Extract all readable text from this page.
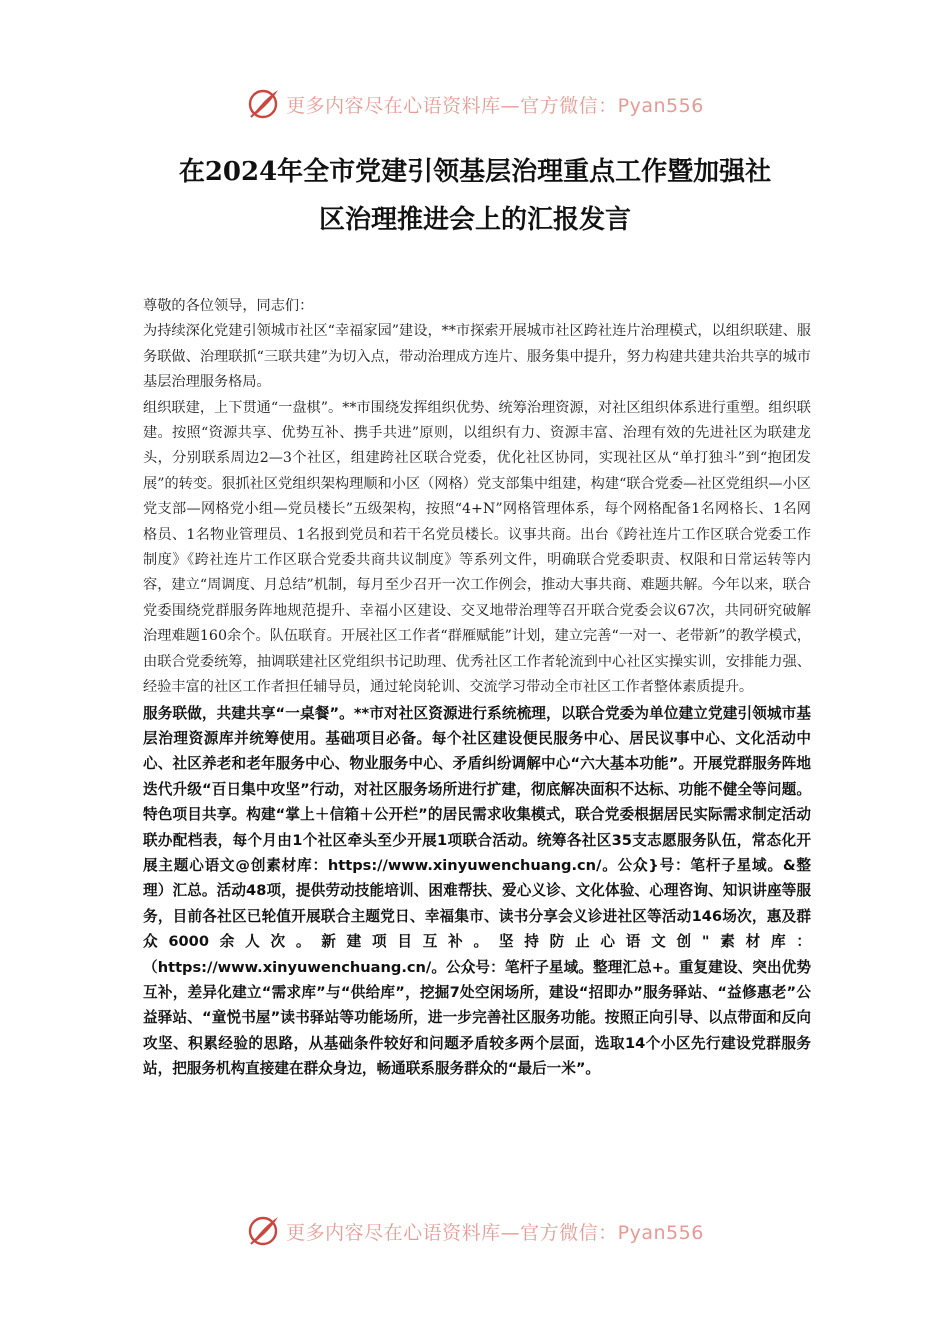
更多内容尽在心语资料库—官方微信：Pyan556
在2024年全市党建引领基层治理重点工作暨加强社
区治理推进会上的汇报发言

尊敬的各位领导，同志们：

为持续深化党建引领城市社区“幸福家园”建设，**市探索开展城市社区跨社连片治理模式，以组织联建、服务联做、治理联抓“三联共建”为切入点，带动治理成方连片、服务集中提升，努力构建共建共治共享的城市基层治理服务格局。

组织联建，上下贯通“一盘棋”。**市围绕发挥组织优势、统筹治理资源，对社区组织体系进行重塑。组织联建。按照“资源共享、优势互补、携手共进”原则，以组织有力、资源丰富、治理有效的先进社区为联建龙头，分别联系周边2—3个社区，组建跨社区联合党委，优化社区协同，实现社区从“单打独斗”到“抱团发展”的转变。狠抓社区党组织架构理顺和小区（网格）党支部集中组建，构建“联合党委—社区党组织—小区党支部—网格党小组—党员楼长”五级架构，按照“4+N”网格管理体系，每个网格配备1名网格长、1名网格员、1名物业管理员、1名报到党员和若干名党员楼长。议事共商。出台《跨社连片工作区联合党委工作制度》《跨社连片工作区联合党委共商共议制度》等系列文件，明确联合党委职责、权限和日常运转等内容，建立“周调度、月总结”机制，每月至少召开一次工作例会，推动大事共商、难题共解。今年以来，联合党委围绕党群服务阵地规范提升、幸福小区建设、交叉地带治理等召开联合党委会议67次，共同研究破解治理难题160余个。队伍联育。开展社区工作者“群雁赋能”计划，建立完善“一对一、老带新”的教学模式，由联合党委统筹，抽调联建社区党组织书记助理、优秀社区工作者轮流到中心社区实操实训，安排能力强、经验丰富的社区工作者担任辅导员，通过轮岗轮训、交流学习带动全市社区工作者整体素质提升。

服务联做，共建共享“一桌餐”。**市对社区资源进行系统梳理，以联合党委为单位建立党建引领城市基层治理资源库并统筹使用。基础项目必备。每个社区建设便民服务中心、居民议事中心、文化活动中心、社区养老和老年服务中心、物业服务中心、矛盾纠纷调解中心“六大基本功能”。开展党群服务阵地迭代升级“百日集中攻坚”行动，对社区服务场所进行扩建，彻底解决面积不达标、功能不健全等问题。特色项目共享。构建“掌上＋信箱＋公开栏”的居民需求收集模式，联合党委根据居民实际需求制定活动联办配档表，每个月由1个社区牵头至少开展1项联合活动。统筹各社区35支志愿服务队伍，常态化开展主题心语文@创素材库：https://www.xinyuwenchuang.cn/。公众}号：笔杆子星域。&整理）汇总。活动48项，提供劳动技能培训、困难帮扶、爱心义诊、文化体验、心理咨询、知识讲座等服务，目前各社区已轮值开展联合主题党日、幸福集市、读书分享会义诊进社区等活动146场次，惠及群众6000余人次。新建项目互补。坚持防止心语文创"素材库：（https://www.xinyuwenchuang.cn/。公众号：笔杆子星域。整理汇总+。重复建设、突出优势互补，差异化建立“需求库”与“供给库”，挖掘7处空闲场所，建设“招即办”服务驿站、“益修惠老”公益驿站、“童悦书屋”读书驿站等功能场所，进一步完善社区服务功能。按照正向引导、以点带面和反向攻坚、积累经验的思路，从基础条件较好和问题矛盾较多两个层面，选取14个小区先行建设党群服务站，把服务机构直接建在群众身边，畅通联系服务群众的“最后一米”。

更多内容尽在心语资料库—官方微信：Pyan556
